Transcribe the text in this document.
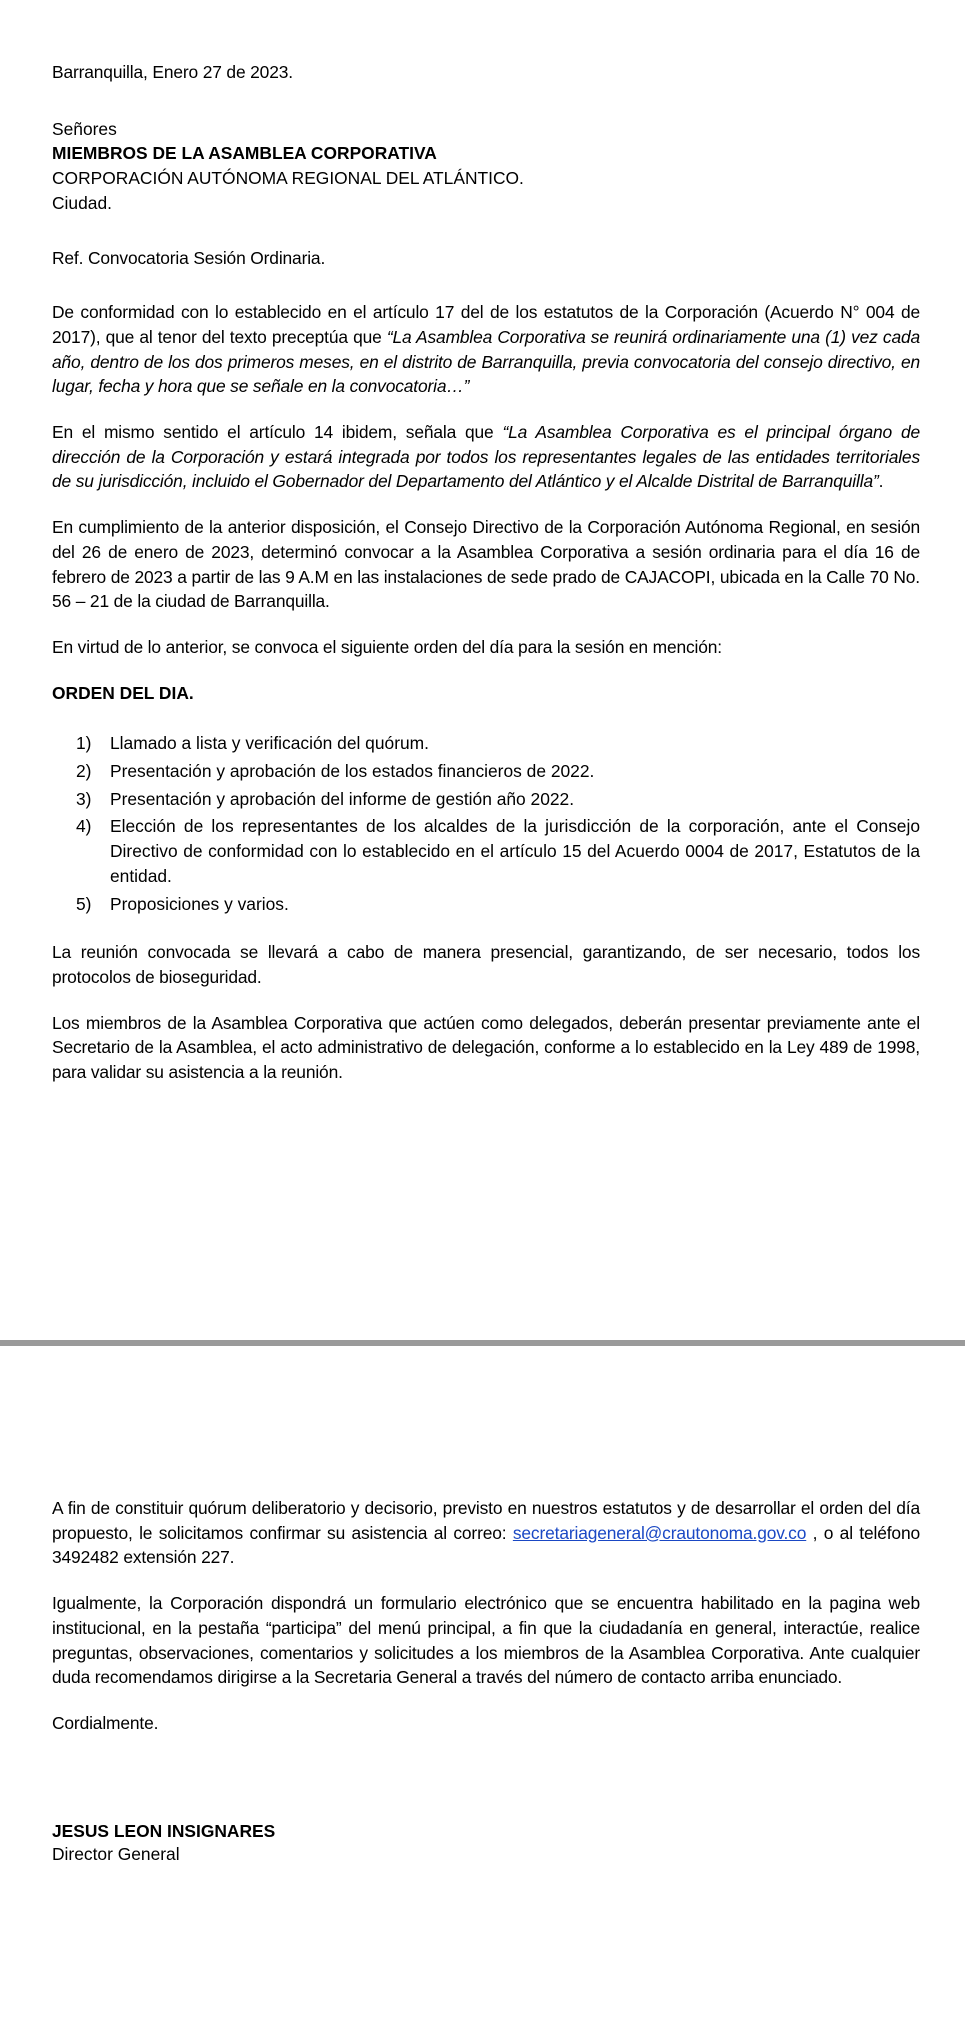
Barranquilla, Enero 27 de 2023.

Señores
MIEMBROS DE LA ASAMBLEA CORPORATIVA
CORPORACIÓN AUTÓNOMA REGIONAL DEL ATLÁNTICO.
Ciudad.

Ref. Convocatoria Sesión Ordinaria.

De conformidad con lo establecido en el artículo 17 del de los estatutos de la Corporación (Acuerdo N° 004 de 2017), que al tenor del texto preceptúa que “La Asamblea Corporativa se reunirá ordinariamente una (1) vez cada año, dentro de los dos primeros meses, en el distrito de Barranquilla, previa convocatoria del consejo directivo, en lugar, fecha y hora que se señale en la convocatoria…”

En el mismo sentido el artículo 14 ibidem, señala que “La Asamblea Corporativa es el principal órgano de dirección de la Corporación y estará integrada por todos los representantes legales de las entidades territoriales de su jurisdicción, incluido el Gobernador del Departamento del Atlántico y el Alcalde Distrital de Barranquilla”.

En cumplimiento de la anterior disposición, el Consejo Directivo de la Corporación Autónoma Regional, en sesión del 26 de enero de 2023, determinó convocar a la Asamblea Corporativa a sesión ordinaria para el día 16 de febrero de 2023 a partir de las 9 A.M en las instalaciones de sede prado de CAJACOPI, ubicada en la Calle 70 No. 56 – 21 de la ciudad de Barranquilla.

En virtud de lo anterior, se convoca el siguiente orden del día para la sesión en mención:

ORDEN DEL DIA.

Llamado a lista y verificación del quórum.
Presentación y aprobación de los estados financieros de 2022.
Presentación y aprobación del informe de gestión año 2022.
Elección de los representantes de los alcaldes de la jurisdicción de la corporación, ante el Consejo Directivo de conformidad con lo establecido en el artículo 15 del Acuerdo 0004 de 2017, Estatutos de la entidad.
Proposiciones y varios.

La reunión convocada se llevará a cabo de manera presencial, garantizando, de ser necesario, todos los protocolos de bioseguridad.

Los miembros de la Asamblea Corporativa que actúen como delegados, deberán presentar previamente ante el Secretario de la Asamblea, el acto administrativo de delegación, conforme a lo establecido en la Ley 489 de 1998, para validar su asistencia a la reunión.

A fin de constituir quórum deliberatorio y decisorio, previsto en nuestros estatutos y de desarrollar el orden del día propuesto, le solicitamos confirmar su asistencia al correo: secretariageneral@crautonoma.gov.co , o al teléfono 3492482 extensión 227.

Igualmente, la Corporación dispondrá un formulario electrónico que se encuentra habilitado en la pagina web institucional, en la pestaña “participa” del menú principal, a fin que la ciudadanía en general, interactúe, realice preguntas, observaciones, comentarios y solicitudes a los miembros de la Asamblea Corporativa. Ante cualquier duda recomendamos dirigirse a la Secretaria General a través del número de contacto arriba enunciado.

Cordialmente.

JESUS LEON INSIGNARES

Director General
